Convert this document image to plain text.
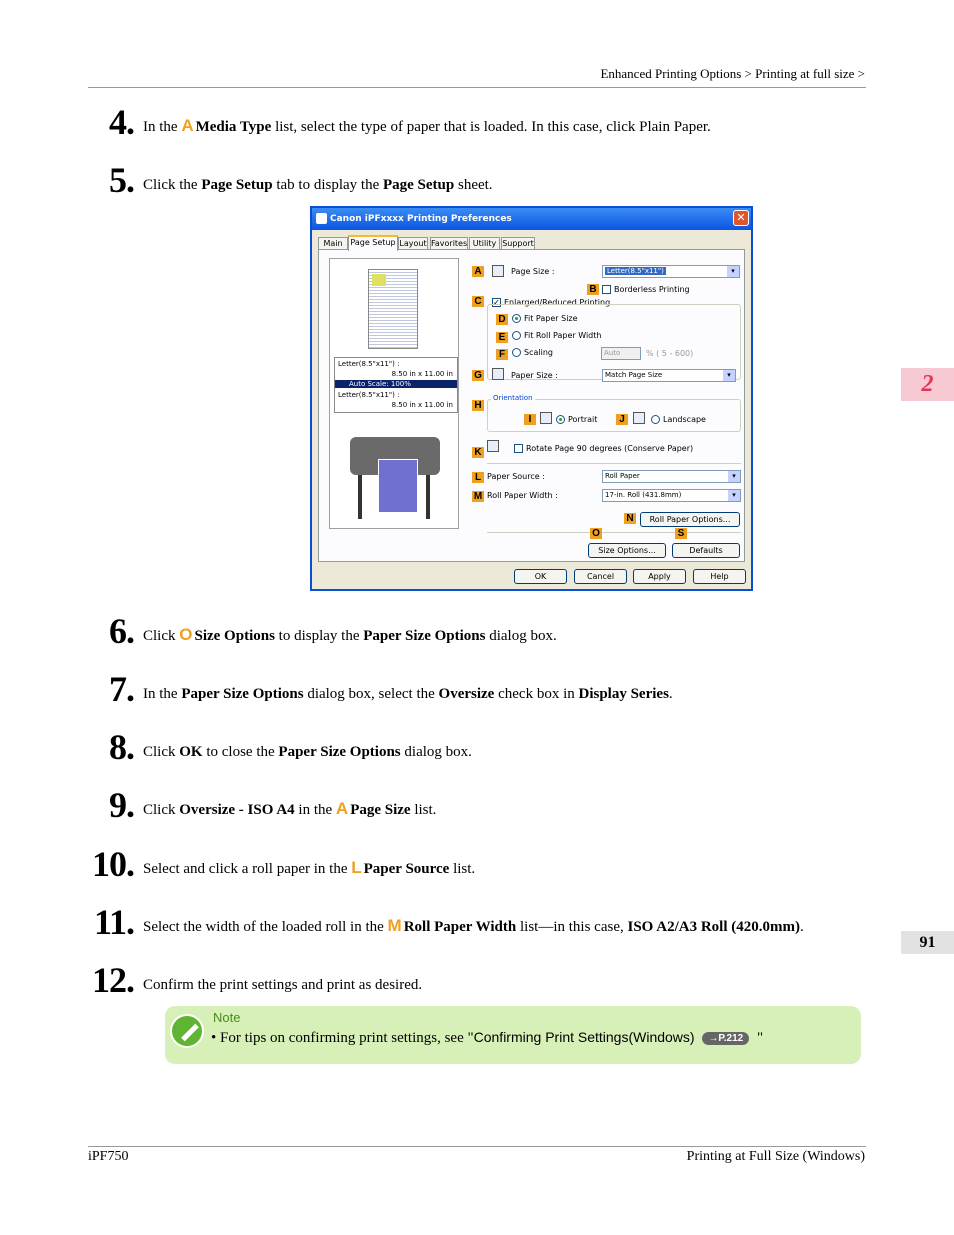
Enhanced Printing Options > Printing at full size >
4. In the A Media Type list, select the type of paper that is loaded. In this case, click Plain Paper.
5. Click the Page Setup tab to display the Page Setup sheet.
Canon iPFxxxx Printing Preferences	✕
Main Page Setup Layout Favorites Utility Support
Letter(8.5"x11") :
8.50 in x 11.00 in
Auto Scale: 100%
Letter(8.5"x11") :
8.50 in x 11.00 in
A	Page Size :	Letter(8.5"x11")	▾
B Borderless Printing
C ✓ Enlarged/Reduced Printing
D Fit Paper Size
E	Fit Roll Paper Width
F	Scaling	Auto	% ( 5 - 600)
G	Paper Size :	Match Page Size	▾
H
Orientation
I	Portrait	J	Landscape
K	Rotate Page 90 degrees (Conserve Paper)
L Paper Source :	Roll Paper	▾
M Roll Paper Width :	17-in. Roll (431.8mm)	▾
N	Roll Paper Options...
O	S
Size Options...	Defaults
OK	Cancel	Apply	Help
6. Click O Size Options to display the Paper Size Options dialog box.
7. In the Paper Size Options dialog box, select the Oversize check box in Display Series.
8. Click OK to close the Paper Size Options dialog box.
9. Click Oversize - ISO A4 in the A Page Size list.
10. Select and click a roll paper in the L Paper Source list.
11. Select the width of the loaded roll in the M Roll Paper Width list—in this case, ISO A2/A3 Roll (420.0mm).
12. Confirm the print settings and print as desired.
Note
• For tips on confirming print settings, see "Confirming Print Settings(Windows) →P.212 "
2
91
iPF750	Printing at Full Size (Windows)
